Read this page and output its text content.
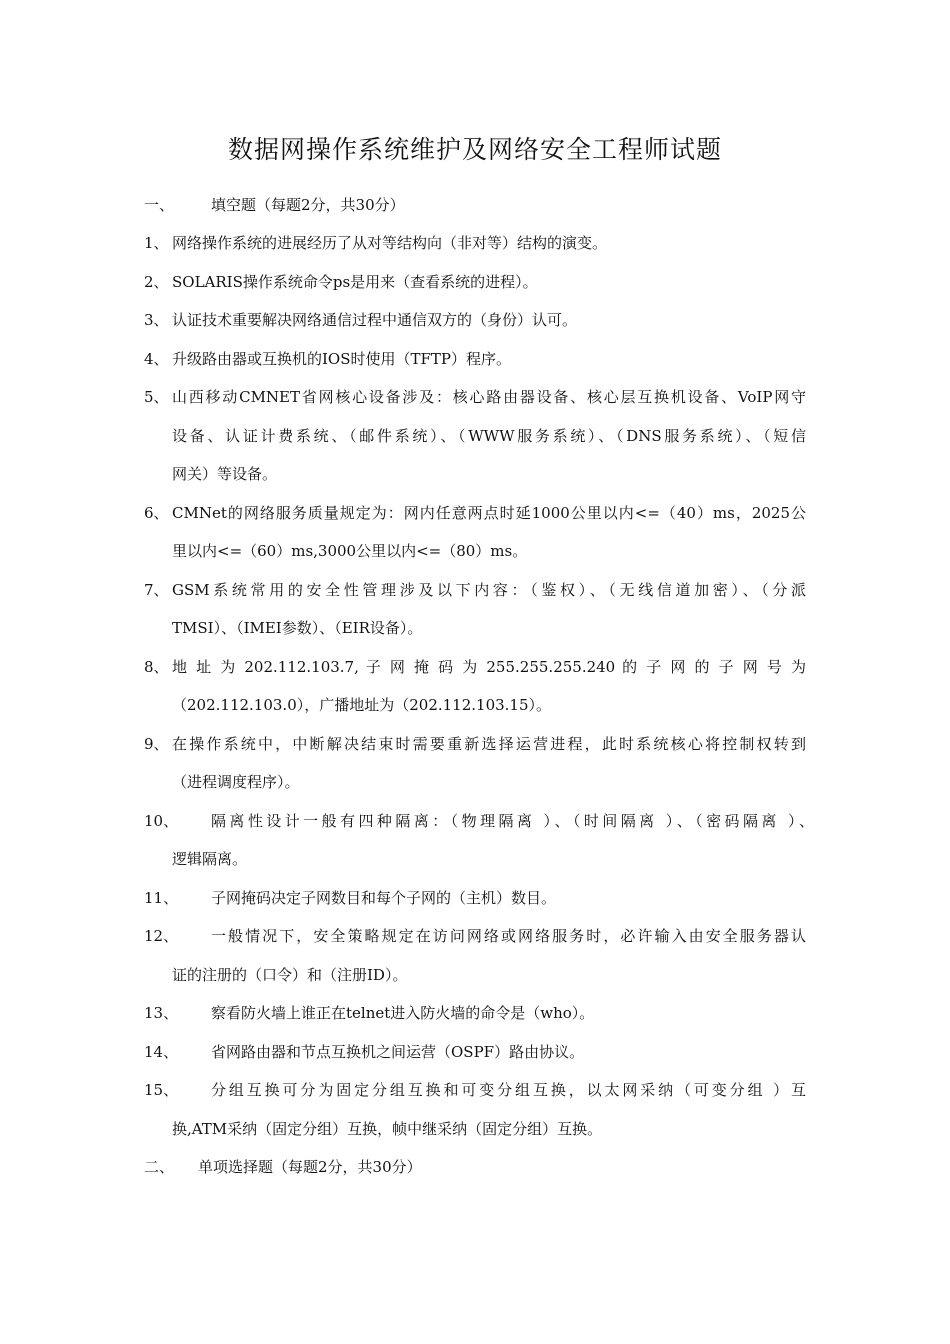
数据网操作系统维护及网络安全工程师试题
一、 填空题（每题2分，共30分）
1、 网络操作系统的进展经历了从对等结构向（非对等）结构的演变。
2、 SOLARIS操作系统命令ps是用来（查看系统的进程）。
3、 认证技术重要解决网络通信过程中通信双方的（身份）认可。
4、 升级路由器或互换机的IOS时使用（TFTP）程序。
5、 山西移动CMNET省网核心设备涉及：核心路由器设备、核心层互换机设备、VoIP网守
设备、认证计费系统、（邮件系统）、（WWW服务系统）、（DNS服务系统）、（短信
网关）等设备。
6、 CMNet的网络服务质量规定为：网内任意两点时延1000公里以内<=（40）ms，2025公
里以内<=（60）ms,3000公里以内<=（80）ms。
7、 GSM系统常用的安全性管理涉及以下内容：（鉴权）、（无线信道加密）、（分派
TMSI）、（IMEI参数）、（EIR设备）。
8、 地 址 为 202.112.103.7, 子 网 掩 码 为 255.255.255.240 的 子 网 的 子 网 号 为
（202.112.103.0），广播地址为（202.112.103.15）。
9、 在操作系统中，中断解决结束时需要重新选择运营进程，此时系统核心将控制权转到
（进程调度程序）。
10、 隔离性设计一般有四种隔离：（物理隔离 ）、（时间隔离 ）、（密码隔离 ）、
逻辑隔离。
11、 子网掩码决定子网数目和每个子网的（主机）数目。
12、 一般情况下，安全策略规定在访问网络或网络服务时，必许输入由安全服务器认
证的注册的（口令）和（注册ID）。
13、 察看防火墙上谁正在telnet进入防火墙的命令是（who）。
14、 省网路由器和节点互换机之间运营（OSPF）路由协议。
15、 分组互换可分为固定分组互换和可变分组互换，以太网采纳（可变分组 ）互
换,ATM采纳（固定分组）互换，帧中继采纳（固定分组）互换。
二、 单项选择题（每题2分，共30分）
